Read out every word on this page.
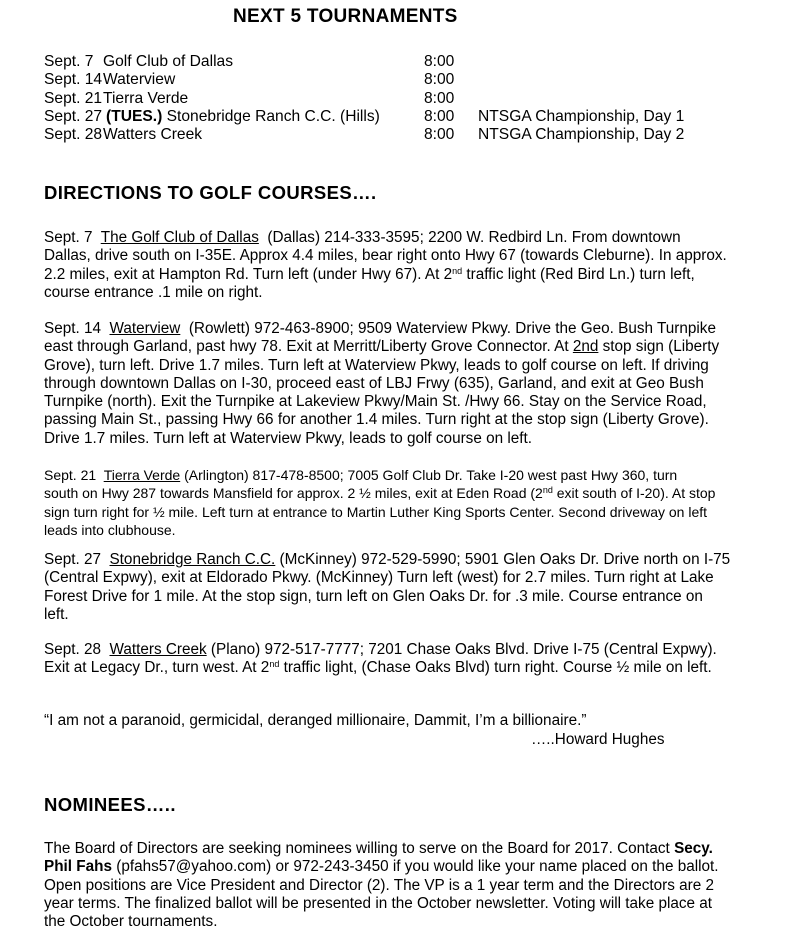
NEXT 5 TOURNAMENTS
Sept. 7 Golf Club of Dallas	8:00
Sept. 14 Waterview	8:00
Sept. 21 Tierra Verde	8:00
Sept. 27 (TUES.) Stonebridge Ranch C.C. (Hills)	8:00 NTSGA Championship, Day 1
Sept. 28 Watters Creek	8:00 NTSGA Championship, Day 2
DIRECTIONS TO GOLF COURSES….
Sept. 7 The Golf Club of Dallas (Dallas) 214-333-3595; 2200 W. Redbird Ln. From downtown
Dallas, drive south on I-35E. Approx 4.4 miles, bear right onto Hwy 67 (towards Cleburne). In approx.
2.2 miles, exit at Hampton Rd. Turn left (under Hwy 67). At 2nd traffic light (Red Bird Ln.) turn left,
course entrance .1 mile on right.
Sept. 14 Waterview (Rowlett) 972-463-8900; 9509 Waterview Pkwy. Drive the Geo. Bush Turnpike
east through Garland, past hwy 78. Exit at Merritt/Liberty Grove Connector. At 2nd stop sign (Liberty
Grove), turn left. Drive 1.7 miles. Turn left at Waterview Pkwy, leads to golf course on left. If driving
through downtown Dallas on I-30, proceed east of LBJ Frwy (635), Garland, and exit at Geo Bush
Turnpike (north). Exit the Turnpike at Lakeview Pkwy/Main St. /Hwy 66. Stay on the Service Road,
passing Main St., passing Hwy 66 for another 1.4 miles. Turn right at the stop sign (Liberty Grove).
Drive 1.7 miles. Turn left at Waterview Pkwy, leads to golf course on left.
Sept. 21 Tierra Verde (Arlington) 817-478-8500; 7005 Golf Club Dr. Take I-20 west past Hwy 360, turn
south on Hwy 287 towards Mansfield for approx. 2 ½ miles, exit at Eden Road (2nd exit south of I-20). At stop
sign turn right for ½ mile. Left turn at entrance to Martin Luther King Sports Center. Second driveway on left
leads into clubhouse.
Sept. 27 Stonebridge Ranch C.C. (McKinney) 972-529-5990; 5901 Glen Oaks Dr. Drive north on I-75
(Central Expwy), exit at Eldorado Pkwy. (McKinney) Turn left (west) for 2.7 miles. Turn right at Lake
Forest Drive for 1 mile. At the stop sign, turn left on Glen Oaks Dr. for .3 mile. Course entrance on
left.
Sept. 28 Watters Creek (Plano) 972-517-7777; 7201 Chase Oaks Blvd. Drive I-75 (Central Expwy).
Exit at Legacy Dr., turn west. At 2nd traffic light, (Chase Oaks Blvd) turn right. Course ½ mile on left.
“I am not a paranoid, germicidal, deranged millionaire, Dammit, I’m a billionaire.”
…..Howard Hughes
NOMINEES…..
The Board of Directors are seeking nominees willing to serve on the Board for 2017. Contact Secy.
Phil Fahs (pfahs57@yahoo.com) or 972-243-3450 if you would like your name placed on the ballot.
Open positions are Vice President and Director (2). The VP is a 1 year term and the Directors are 2
year terms. The finalized ballot will be presented in the October newsletter. Voting will take place at
the October tournaments.
